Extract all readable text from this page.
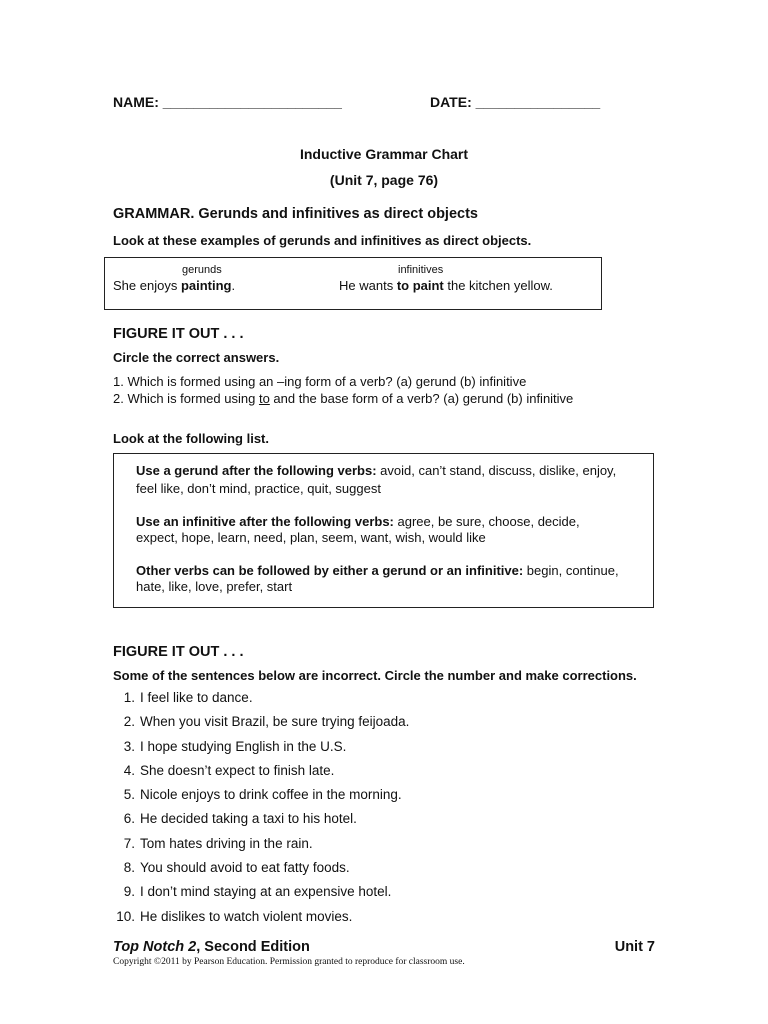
NAME: _______________________	DATE: ________________
Inductive Grammar Chart
(Unit 7, page 76)
GRAMMAR. Gerunds and infinitives as direct objects
Look at these examples of gerunds and infinitives as direct objects.
gerunds
She enjoys painting.
infinitives
He wants to paint the kitchen yellow.
FIGURE IT OUT . . .
Circle the correct answers.
1. Which is formed using an –ing form of a verb? (a) gerund (b) infinitive
2. Which is formed using to and the base form of a verb? (a) gerund (b) infinitive
Look at the following list.
Use a gerund after the following verbs: avoid, can’t stand, discuss, dislike, enjoy,
feel like, don’t mind, practice, quit, suggest
Use an infinitive after the following verbs: agree, be sure, choose, decide,
expect, hope, learn, need, plan, seem, want, wish, would like
Other verbs can be followed by either a gerund or an infinitive: begin, continue,
hate, like, love, prefer, start
FIGURE IT OUT . . .
Some of the sentences below are incorrect. Circle the number and make corrections.
1. I feel like to dance.
2. When you visit Brazil, be sure trying feijoada.
3. I hope studying English in the U.S.
4. She doesn’t expect to finish late.
5. Nicole enjoys to drink coffee in the morning.
6. He decided taking a taxi to his hotel.
7. Tom hates driving in the rain.
8. You should avoid to eat fatty foods.
9. I don’t mind staying at an expensive hotel.
10. He dislikes to watch violent movies.
Top Notch 2, Second Edition	Unit 7
Copyright ©2011 by Pearson Education. Permission granted to reproduce for classroom use.
